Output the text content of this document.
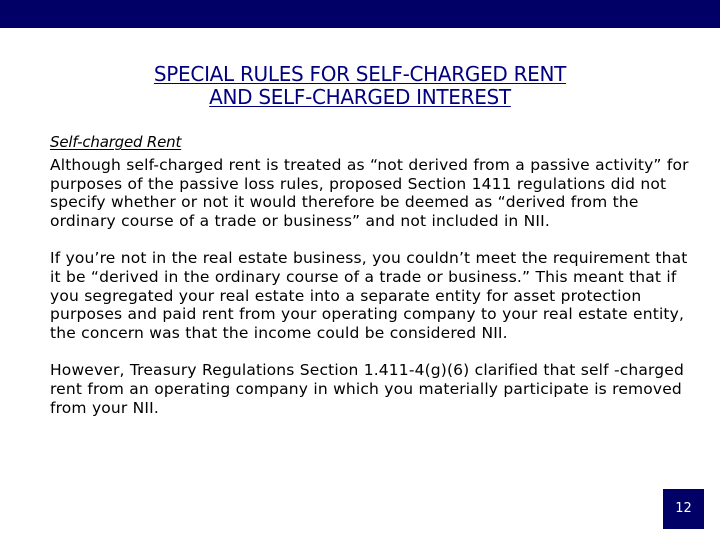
SPECIAL RULES FOR SELF-CHARGED RENT
AND SELF-CHARGED INTEREST
Self-charged Rent

Although self-charged rent is treated as “not derived from a passive activity” for purposes of the passive loss rules, proposed Section 1411 regulations did not specify whether or not it would therefore be deemed as “derived from the ordinary course of a trade or business” and not included in NII.

If you’re not in the real estate business, you couldn’t meet the requirement that it be “derived in the ordinary course of a trade or business.” This meant that if you segregated your real estate into a separate entity for asset protection purposes and paid rent from your operating company to your real estate entity, the concern was that the income could be considered NII.

However, Treasury Regulations Section 1.411-4(g)(6) clarified that self -charged rent from an operating company in which you materially participate is removed from your NII.

12
